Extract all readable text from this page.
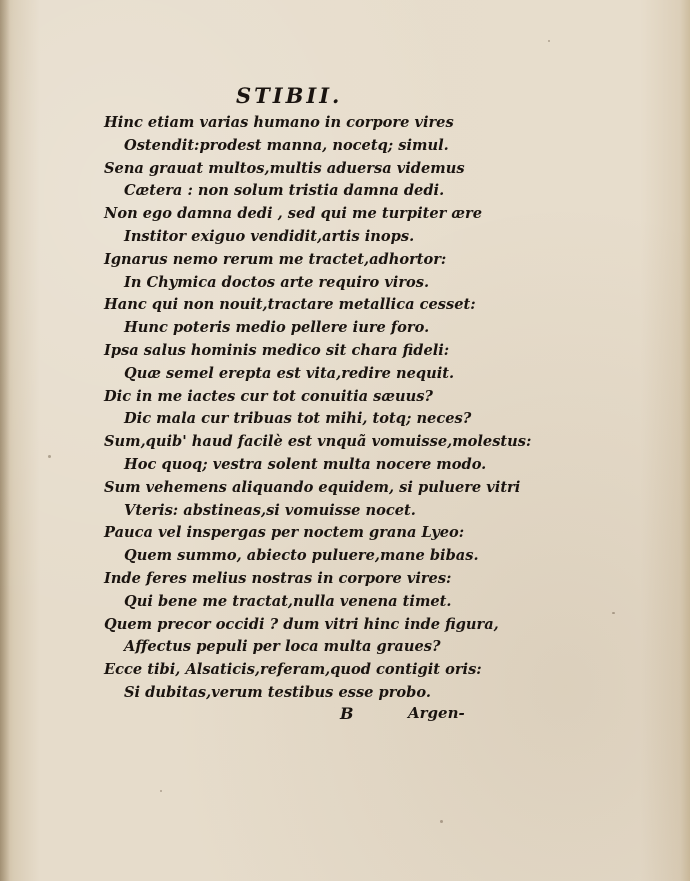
STIBII.
Hinc etiam varias humano in corpore vires
Ostendit:prodest manna, nocetq; simul.
Sena grauat multos,multis aduersa videmus
Cætera : non solum tristia damna dedi.
Non ego damna dedi , sed qui me turpiter ære
Institor exiguo vendidit,artis inops.
Ignarus nemo rerum me tractet,adhortor:
In Chymica doctos arte requiro viros.
Hanc qui non nouit,tractare metallica cesset:
Hunc poteris medio pellere iure foro.
Ipsa salus hominis medico sit chara fideli:
Quæ semel erepta est vita,redire nequit.
Dic in me iactes cur tot conuitia sæuus?
Dic mala cur tribuas tot mihi, totq; neces?
Sum,quib' haud facilè est vnquã vomuisse,molestus:
Hoc quoq; vestra solent multa nocere modo.
Sum vehemens aliquando equidem, si puluere vitri
Vteris: abstineas,si vomuisse nocet.
Pauca vel inspergas per noctem grana Lyeo:
Quem summo, abiecto puluere,mane bibas.
Inde feres melius nostras in corpore vires:
Qui bene me tractat,nulla venena timet.
Quem precor occidi ? dum vitri hinc inde figura,
Affectus pepuli per loca multa graues?
Ecce tibi, Alsaticis,referam,quod contigit oris:
Si dubitas,verum testibus esse probo.
B	Argen-
